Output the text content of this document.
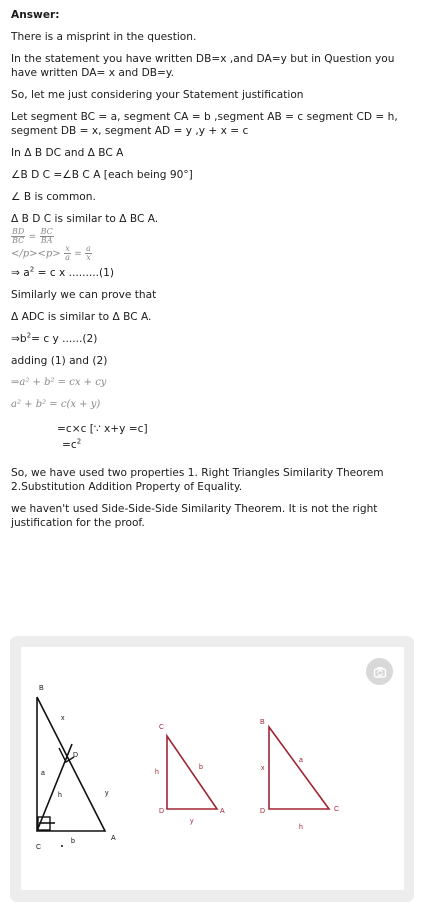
Answer:

There is a misprint in the question.

In the statement you have written DB=x ,and DA=y but in Question you have written DA= x and DB=y.

So, let me just considering your Statement justification

Let segment BC = a, segment CA = b ,segment AB = c segment CD = h, segment DB = x, segment AD = y ,y + x = c

In Δ B DC and Δ BC A

∠B D C =∠B C A [each being 90°]

∠ B is common.

Δ B D C is similar to Δ BC A.

$\frac{BD}{BC} = \frac{BC}{BA}$
$</p><p> \frac{x}{a} = \frac{a}{x}$

⇒ $a^2 = c$ x .........(1)

Similarly we can prove that

Δ ADC is similar to Δ BC A.

$\Rightarrow b^2= c$ y ......(2)

adding (1) and (2)

⇒a² + b² = cx + cy

a² + b² = c(x + y)

=c×c [∵ x+y =c]

$=c^2$

So, we have used two properties 1. Right Triangles Similarity Theorem 2.Substitution Addition Property of Equality.

we haven't used Side-Side-Side Similarity Theorem. It is not the right justification for the proof.

B
x
D
a
h	y
C
b	A
C
h
b
D
y
A
B
x
a
D
h
C
